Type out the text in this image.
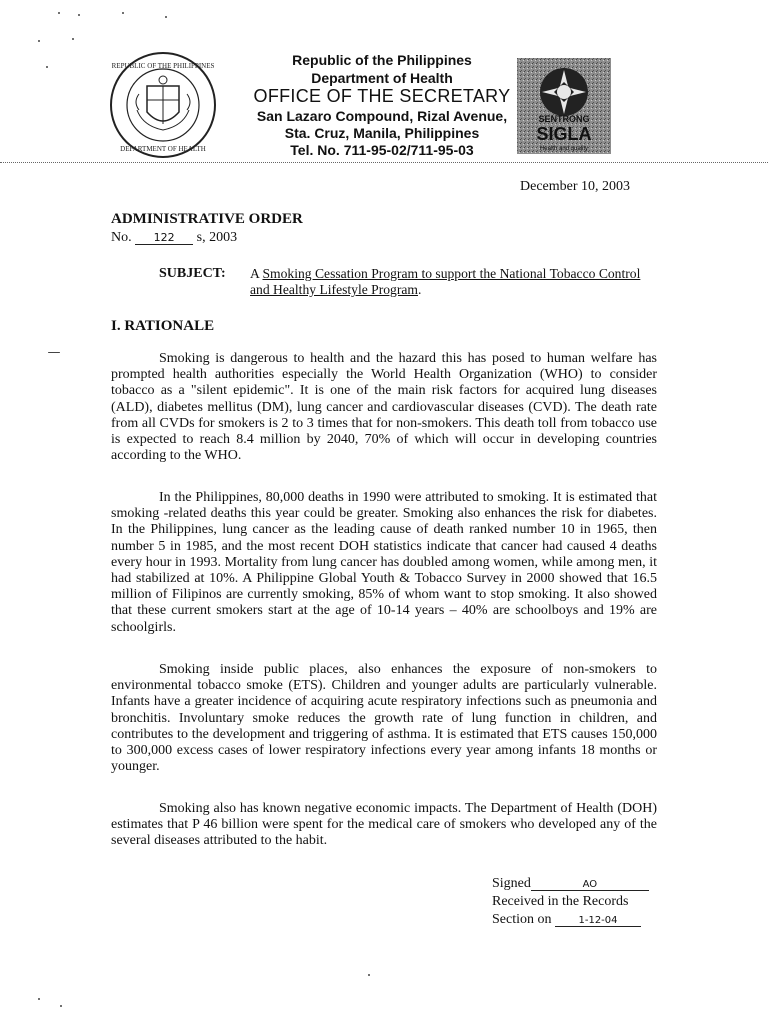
REPUBLIC OF THE PHILIPPINES
DEPARTMENT OF HEALTH
Republic of the Philippines
Department of Health
OFFICE OF THE SECRETARY
San Lazaro Compound, Rizal Avenue,
Sta. Cruz, Manila, Philippines
Tel. No. 711-95-02/711-95-03
SENTRONG
SIGLA
Health and quality
December 10, 2003
ADMINISTRATIVE ORDER
No. 122 s, 2003
SUBJECT: A Smoking Cessation Program to support the National Tobacco Control and Healthy Lifestyle Program.
I. RATIONALE

Smoking is dangerous to health and the hazard this has posed to human welfare has prompted health authorities especially the World Health Organization (WHO) to consider tobacco as a "silent epidemic". It is one of the main risk factors for acquired lung diseases (ALD), diabetes mellitus (DM), lung cancer and cardiovascular diseases (CVD). The death rate from all CVDs for smokers is 2 to 3 times that for non-smokers. This death toll from tobacco use is expected to reach 8.4 million by 2040, 70% of which will occur in developing countries according to the WHO.

In the Philippines, 80,000 deaths in 1990 were attributed to smoking. It is estimated that smoking -related deaths this year could be greater. Smoking also enhances the risk for diabetes. In the Philippines, lung cancer as the leading cause of death ranked number 10 in 1965, then number 5 in 1985, and the most recent DOH statistics indicate that cancer had caused 4 deaths every hour in 1993. Mortality from lung cancer has doubled among women, while among men, it had stabilized at 10%. A Philippine Global Youth & Tobacco Survey in 2000 showed that 16.5 million of Filipinos are currently smoking, 85% of whom want to stop smoking. It also showed that these current smokers start at the age of 10-14 years – 40% are schoolboys and 19% are schoolgirls.

Smoking inside public places, also enhances the exposure of non-smokers to environmental tobacco smoke (ETS). Children and younger adults are particularly vulnerable. Infants have a greater incidence of acquiring acute respiratory infections such as pneumonia and bronchitis. Involuntary smoke reduces the growth rate of lung function in children, and contributes to the development and triggering of asthma. It is estimated that ETS causes 150,000 to 300,000 excess cases of lower respiratory infections every year among infants 18 months or younger.

Smoking also has known negative economic impacts. The Department of Health (DOH) estimates that P 46 billion were spent for the medical care of smokers who developed any of the several diseases attributed to the habit.

Signed	AO
Received in the Records
Section on	1-12-04
